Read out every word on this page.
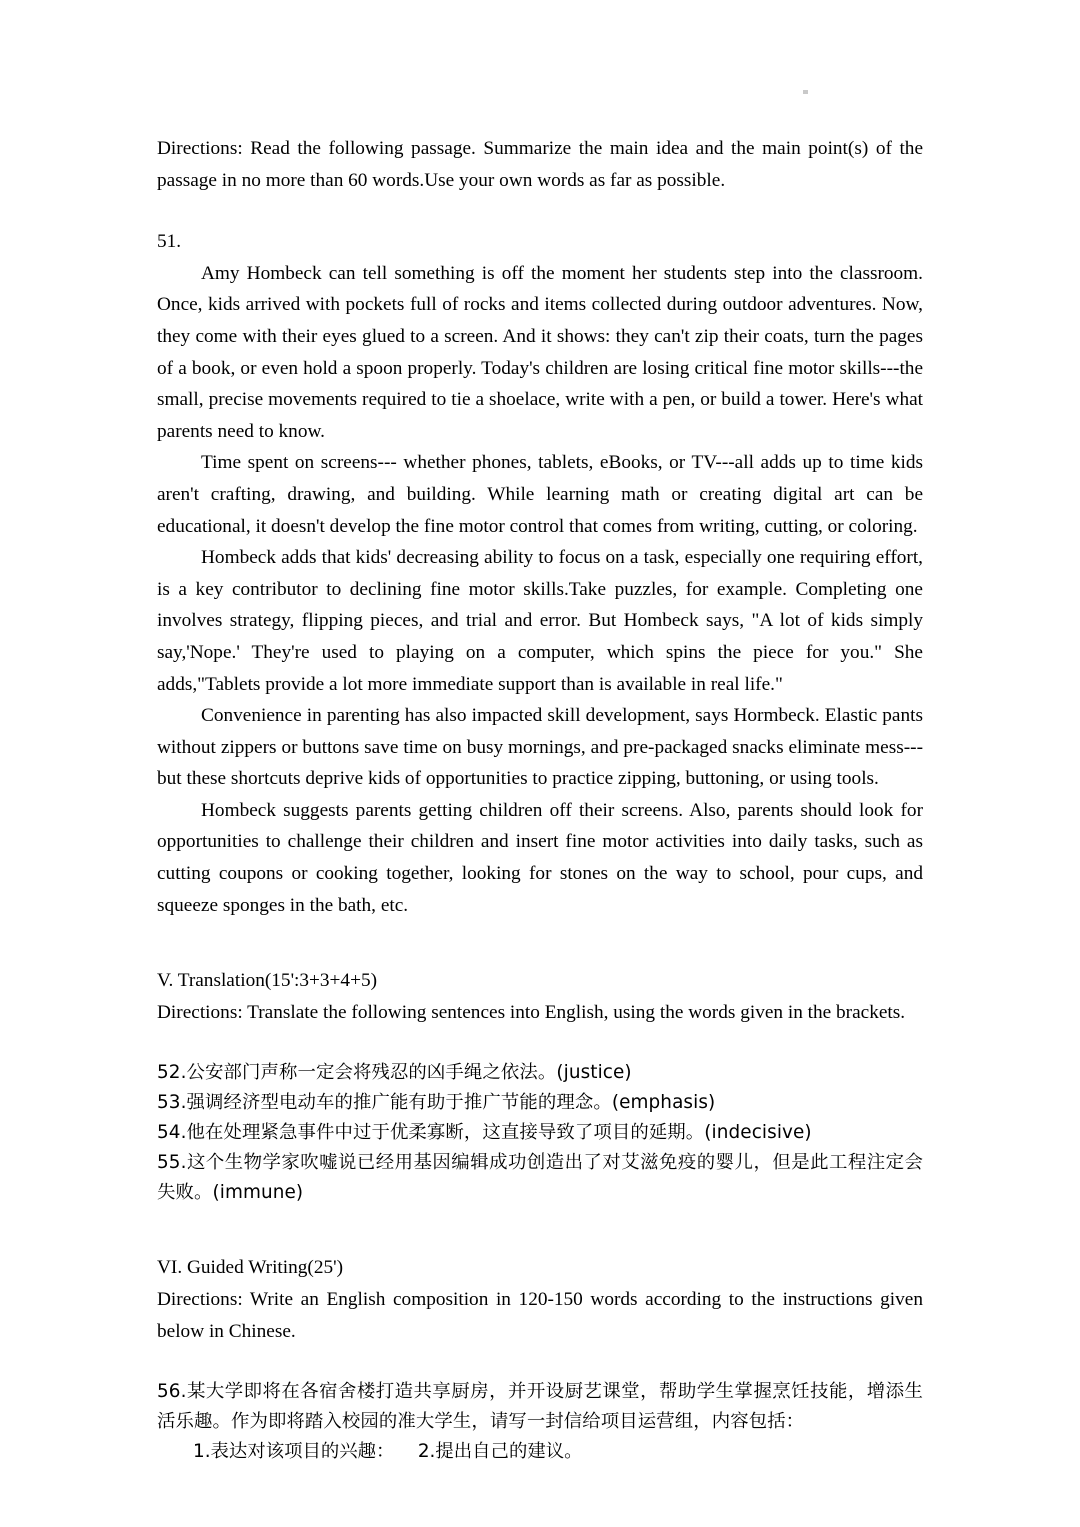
Directions: Read the following passage. Summarize the main idea and the main point(s) of the passage in no more than 60 words.Use your own words as far as possible.

51.

Amy Hombeck can tell something is off the moment her students step into the classroom. Once, kids arrived with pockets full of rocks and items collected during outdoor adventures. Now, they come with their eyes glued to a screen. And it shows: they can't zip their coats, turn the pages of a book, or even hold a spoon properly. Today's children are losing critical fine motor skills---the small, precise movements required to tie a shoelace, write with a pen, or build a tower. Here's what parents need to know.

Time spent on screens--- whether phones, tablets, eBooks, or TV---all adds up to time kids aren't crafting, drawing, and building. While learning math or creating digital art can be educational, it doesn't develop the fine motor control that comes from writing, cutting, or coloring.

Hombeck adds that kids' decreasing ability to focus on a task, especially one requiring effort, is a key contributor to declining fine motor skills.Take puzzles, for example. Completing one involves strategy, flipping pieces, and trial and error. But Hombeck says, "A lot of kids simply say,'Nope.' They're used to playing on a computer, which spins the piece for you." She adds,"Tablets provide a lot more immediate support than is available in real life."

Convenience in parenting has also impacted skill development, says Hormbeck. Elastic pants without zippers or buttons save time on busy mornings, and pre-packaged snacks eliminate mess---but these shortcuts deprive kids of opportunities to practice zipping, buttoning, or using tools.

Hombeck suggests parents getting children off their screens. Also, parents should look for opportunities to challenge their children and insert fine motor activities into daily tasks, such as cutting coupons or cooking together, looking for stones on the way to school, pour cups, and squeeze sponges in the bath, etc.

V. Translation(15':3+3+4+5)

Directions: Translate the following sentences into English, using the words given in the brackets.

52.公安部门声称一定会将残忍的凶手绳之依法。(justice)
53.强调经济型电动车的推广能有助于推广节能的理念。(emphasis)
54.他在处理紧急事件中过于优柔寡断，这直接导致了项目的延期。(indecisive)
55.这个生物学家吹嘘说已经用基因编辑成功创造出了对艾滋免疫的婴儿，但是此工程注定会失败。(immune)
VI. Guided Writing(25')

Directions: Write an English composition in 120-150 words according to the instructions given below in Chinese.

56.某大学即将在各宿舍楼打造共享厨房，并开设厨艺课堂，帮助学生掌握烹饪技能，增添生活乐趣。作为即将踏入校园的准大学生，请写一封信给项目运营组，内容包括：
1.表达对该项目的兴趣：    2.提出自己的建议。
